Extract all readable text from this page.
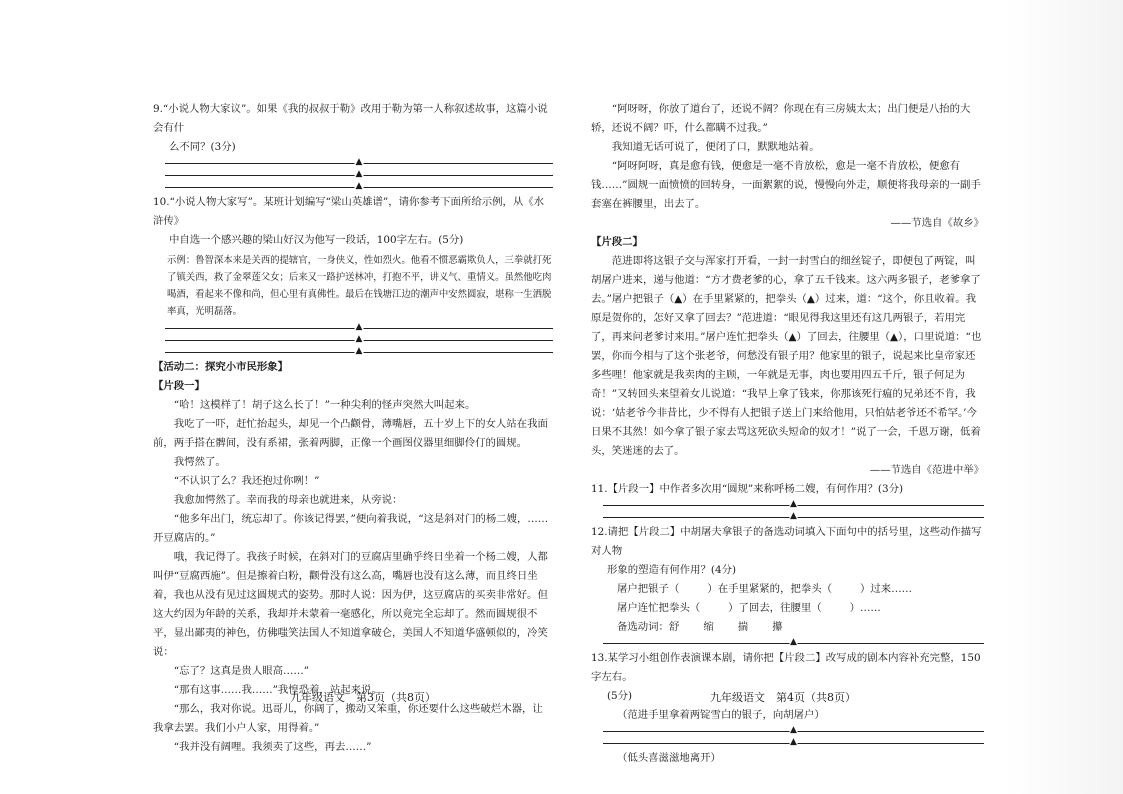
9.“小说人物大家议”。如果《我的叔叔于勒》改用于勒为第一人称叙述故事，这篇小说会有什

么不同？(3分)

▲
▲
▲

10.“小说人物大家写”。某班计划编写“梁山英雄谱”，请你参考下面所给示例，从《水浒传》

中自选一个感兴趣的梁山好汉为他写一段话，100字左右。(5分)

示例：鲁智深本来是关西的提辖官，一身侠义，性如烈火。他看不惯恶霸欺负人，三拳就打死了镇关西，救了金翠莲父女；后来又一路护送林冲，打抱不平，讲义气、重情义。虽然他吃肉喝酒，看起来不像和尚，但心里有真佛性。最后在钱塘江边的潮声中安然圆寂，堪称一生洒脱率真，光明磊落。

▲
▲
▲

【活动二：探究小市民形象】

【片段一】

“哈！这模样了！胡子这么长了！”一种尖利的怪声突然大叫起来。

我吃了一吓，赶忙抬起头，却见一个凸颧骨，薄嘴唇，五十岁上下的女人站在我面前，两手搭在髀间，没有系裙，张着两脚，正像一个画图仪器里细脚伶仃的圆规。

我愕然了。

“不认识了么？我还抱过你咧！”

我愈加愕然了。幸而我的母亲也就进来，从旁说：

“他多年出门，统忘却了。你该记得罢，”便向着我说，“这是斜对门的杨二嫂，……开豆腐店的。”

哦，我记得了。我孩子时候，在斜对门的豆腐店里确乎终日坐着一个杨二嫂，人都叫伊“豆腐西施”。但是擦着白粉，颧骨没有这么高，嘴唇也没有这么薄，而且终日坐着，我也从没有见过这圆规式的姿势。那时人说：因为伊，这豆腐店的买卖非常好。但这大约因为年龄的关系，我却并未蒙着一毫感化，所以竟完全忘却了。然而圆规很不平，显出鄙夷的神色，仿佛嗤笑法国人不知道拿破仑，美国人不知道华盛顿似的，冷笑说：

“忘了？这真是贵人眼高……”

“那有这事……我……”我惶恐着，站起来说。

“那么，我对你说。迅哥儿，你阔了，搬动又笨重，你还要什么这些破烂木器，让我拿去罢。我们小户人家，用得着。”

“我并没有阔哩。我须卖了这些，再去……”

九年级语文　第3页（共8页）

“阿呀呀，你放了道台了，还说不阔？你现在有三房姨太太；出门便是八抬的大轿，还说不阔？吓，什么都瞒不过我。”

我知道无话可说了，便闭了口，默默地站着。

“阿呀阿呀，真是愈有钱，便愈是一毫不肯放松，愈是一毫不肯放松，便愈有钱……”圆规一面愤愤的回转身，一面絮絮的说，慢慢向外走，顺便将我母亲的一副手套塞在裤腰里，出去了。

——节选自《故乡》

【片段二】

范进即将这银子交与浑家打开看，一封一封雪白的细丝锭子，即便包了两锭，叫胡屠户进来，递与他道：“方才费老爹的心，拿了五千钱来。这六两多银子，老爹拿了去。”屠户把银子（▲）在手里紧紧的，把拳头（▲）过来，道：“这个，你且收着。我原是贺你的，怎好又拿了回去？”范进道：“眼见得我这里还有这几两银子，若用完了，再来问老爹讨来用。”屠户连忙把拳头（▲）了回去，往腰里（▲），口里说道：“也罢，你而今相与了这个张老爷，何愁没有银子用？他家里的银子，说起来比皇帝家还多些哩！他家就是我卖肉的主顾，一年就是无事，肉也要用四五千斤，银子何足为奇！”又转回头来望着女儿说道：“我早上拿了钱来，你那该死行瘟的兄弟还不肯，我说：‘姑老爷今非昔比，少不得有人把银子送上门来给他用，只怕姑老爷还不希罕。’今日果不其然！如今拿了银子家去骂这死砍头短命的奴才！”说了一会，千恩万谢，低着头，笑迷迷的去了。

——节选自《范进中举》

11.【片段一】中作者多次用“圆规”来称呼杨二嫂，有何作用？(3分)

▲
▲

12.请把【片段二】中胡屠夫拿银子的备选动词填入下面句中的括号里，这些动作描写对人物

形象的塑造有何作用？(4分)

屠户把银子（	）在手里紧紧的，把拳头（	）过来……

屠户连忙把拳头（	）了回去，往腰里（	）……

备选动词：舒 缩 揣 攥

▲

13.某学习小组创作表演课本剧，请你把【片段二】改写成的剧本内容补充完整，150字左右。

(5分)

（范进手里拿着两锭雪白的银子，向胡屠户）

▲
▲

（低头喜滋滋地离开）

九年级语文　第4页（共8页）
